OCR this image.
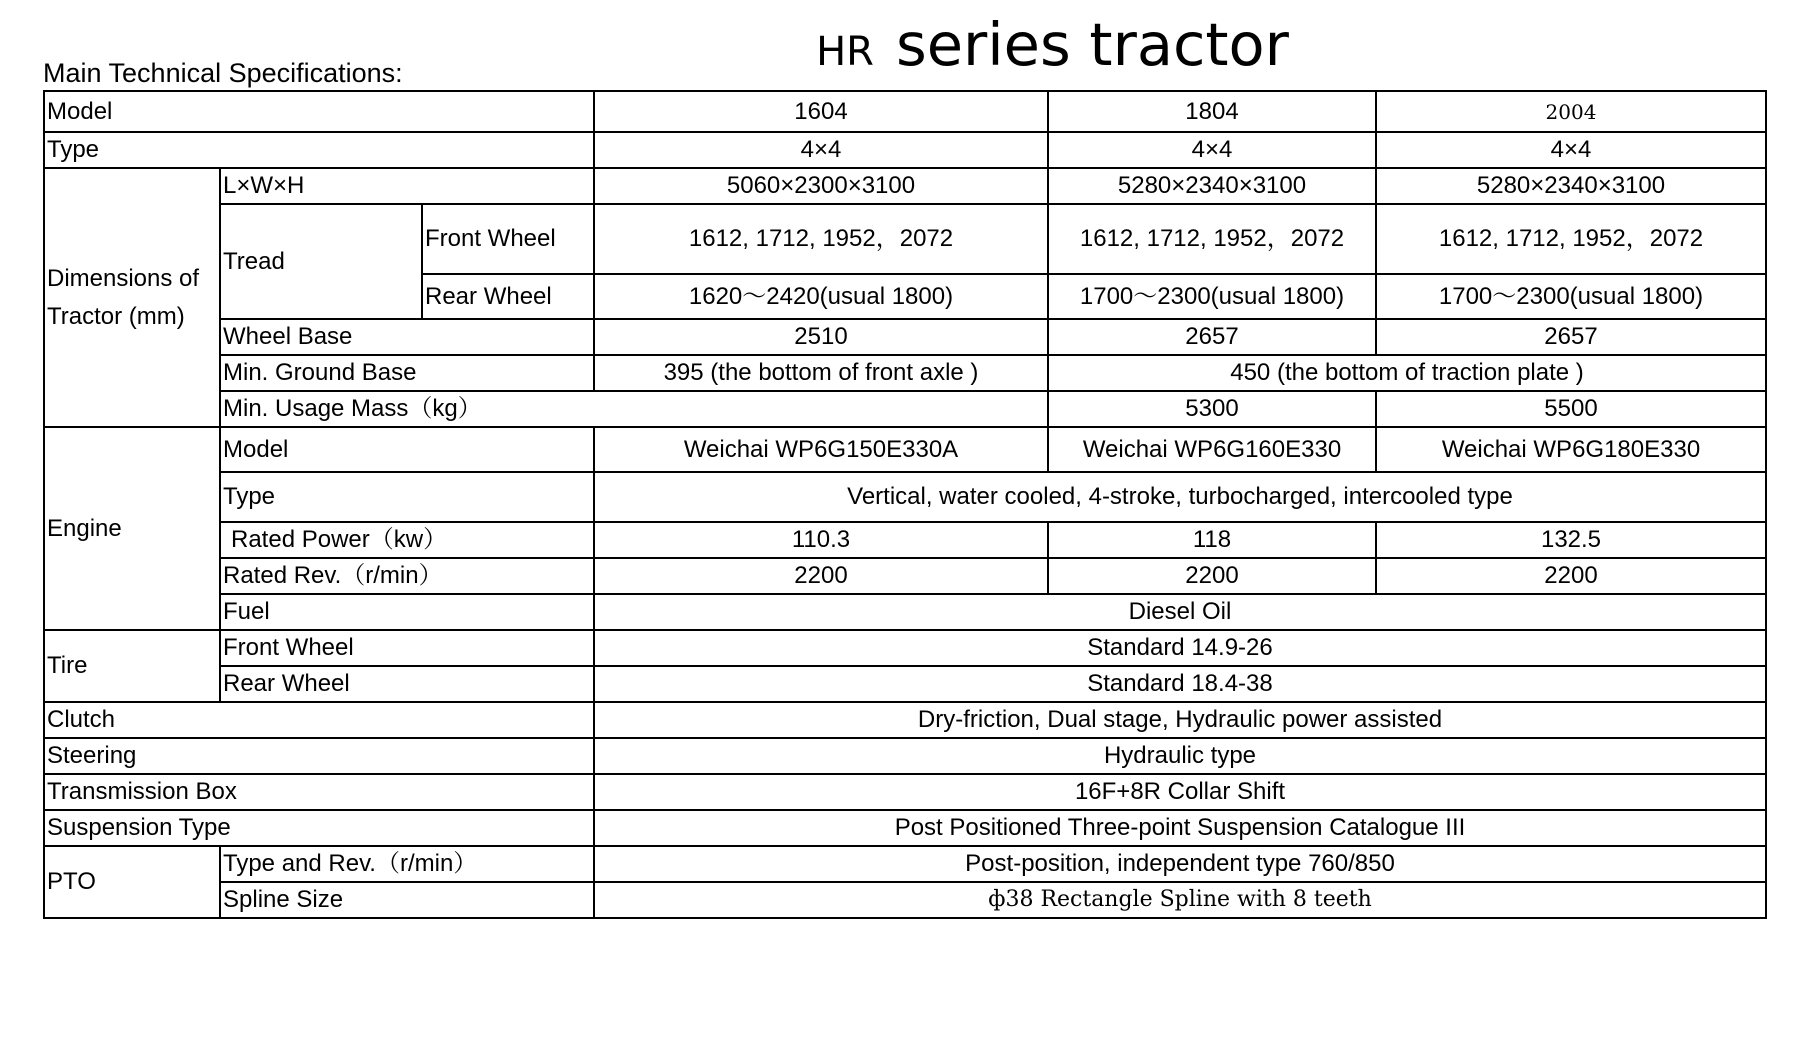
HR series tractor
Main Technical Specifications:
Model			1604	1804	2004	
Type			4×4	4×4	4×4	
Dimensions of Tractor (mm)	L×W×H		5060×2300×3100	5280×2340×3100	5280×2340×3100	
	Tread	Front Wheel	1612, 1712, 1952，2072	1612, 1712, 1952，2072	1612, 1712, 1952，2072	
		Rear Wheel	1620～2420(usual 1800)	1700～2300(usual 1800)	1700～2300(usual 1800)	
	Wheel Base		2510	2657	2657	
	Min. Ground Base		395 (the bottom of front axle )	450 (the bottom of traction plate )		
	Min. Usage Mass（kg）			5300	5500	
Engine	Model		Weichai WP6G150E330A	Weichai WP6G160E330	Weichai WP6G180E330	
	Type		Vertical, water cooled, 4-stroke, turbocharged, intercooled type			
	Rated Power（kw）		110.3	118	132.5	
	Rated Rev.（r/min）		2200	2200	2200	
	Fuel		Diesel Oil			
Tire	Front Wheel		Standard 14.9-26			
	Rear Wheel		Standard 18.4-38			
Clutch			Dry-friction, Dual stage, Hydraulic power assisted			
Steering			Hydraulic type			
Transmission Box			16F+8R Collar Shift			
Suspension Type			Post Positioned Three-point Suspension Catalogue III			
PTO	Type and Rev.（r/min）		Post-position, independent type 760/850			
	Spline Size		ф38 Rectangle Spline with 8 teeth			
